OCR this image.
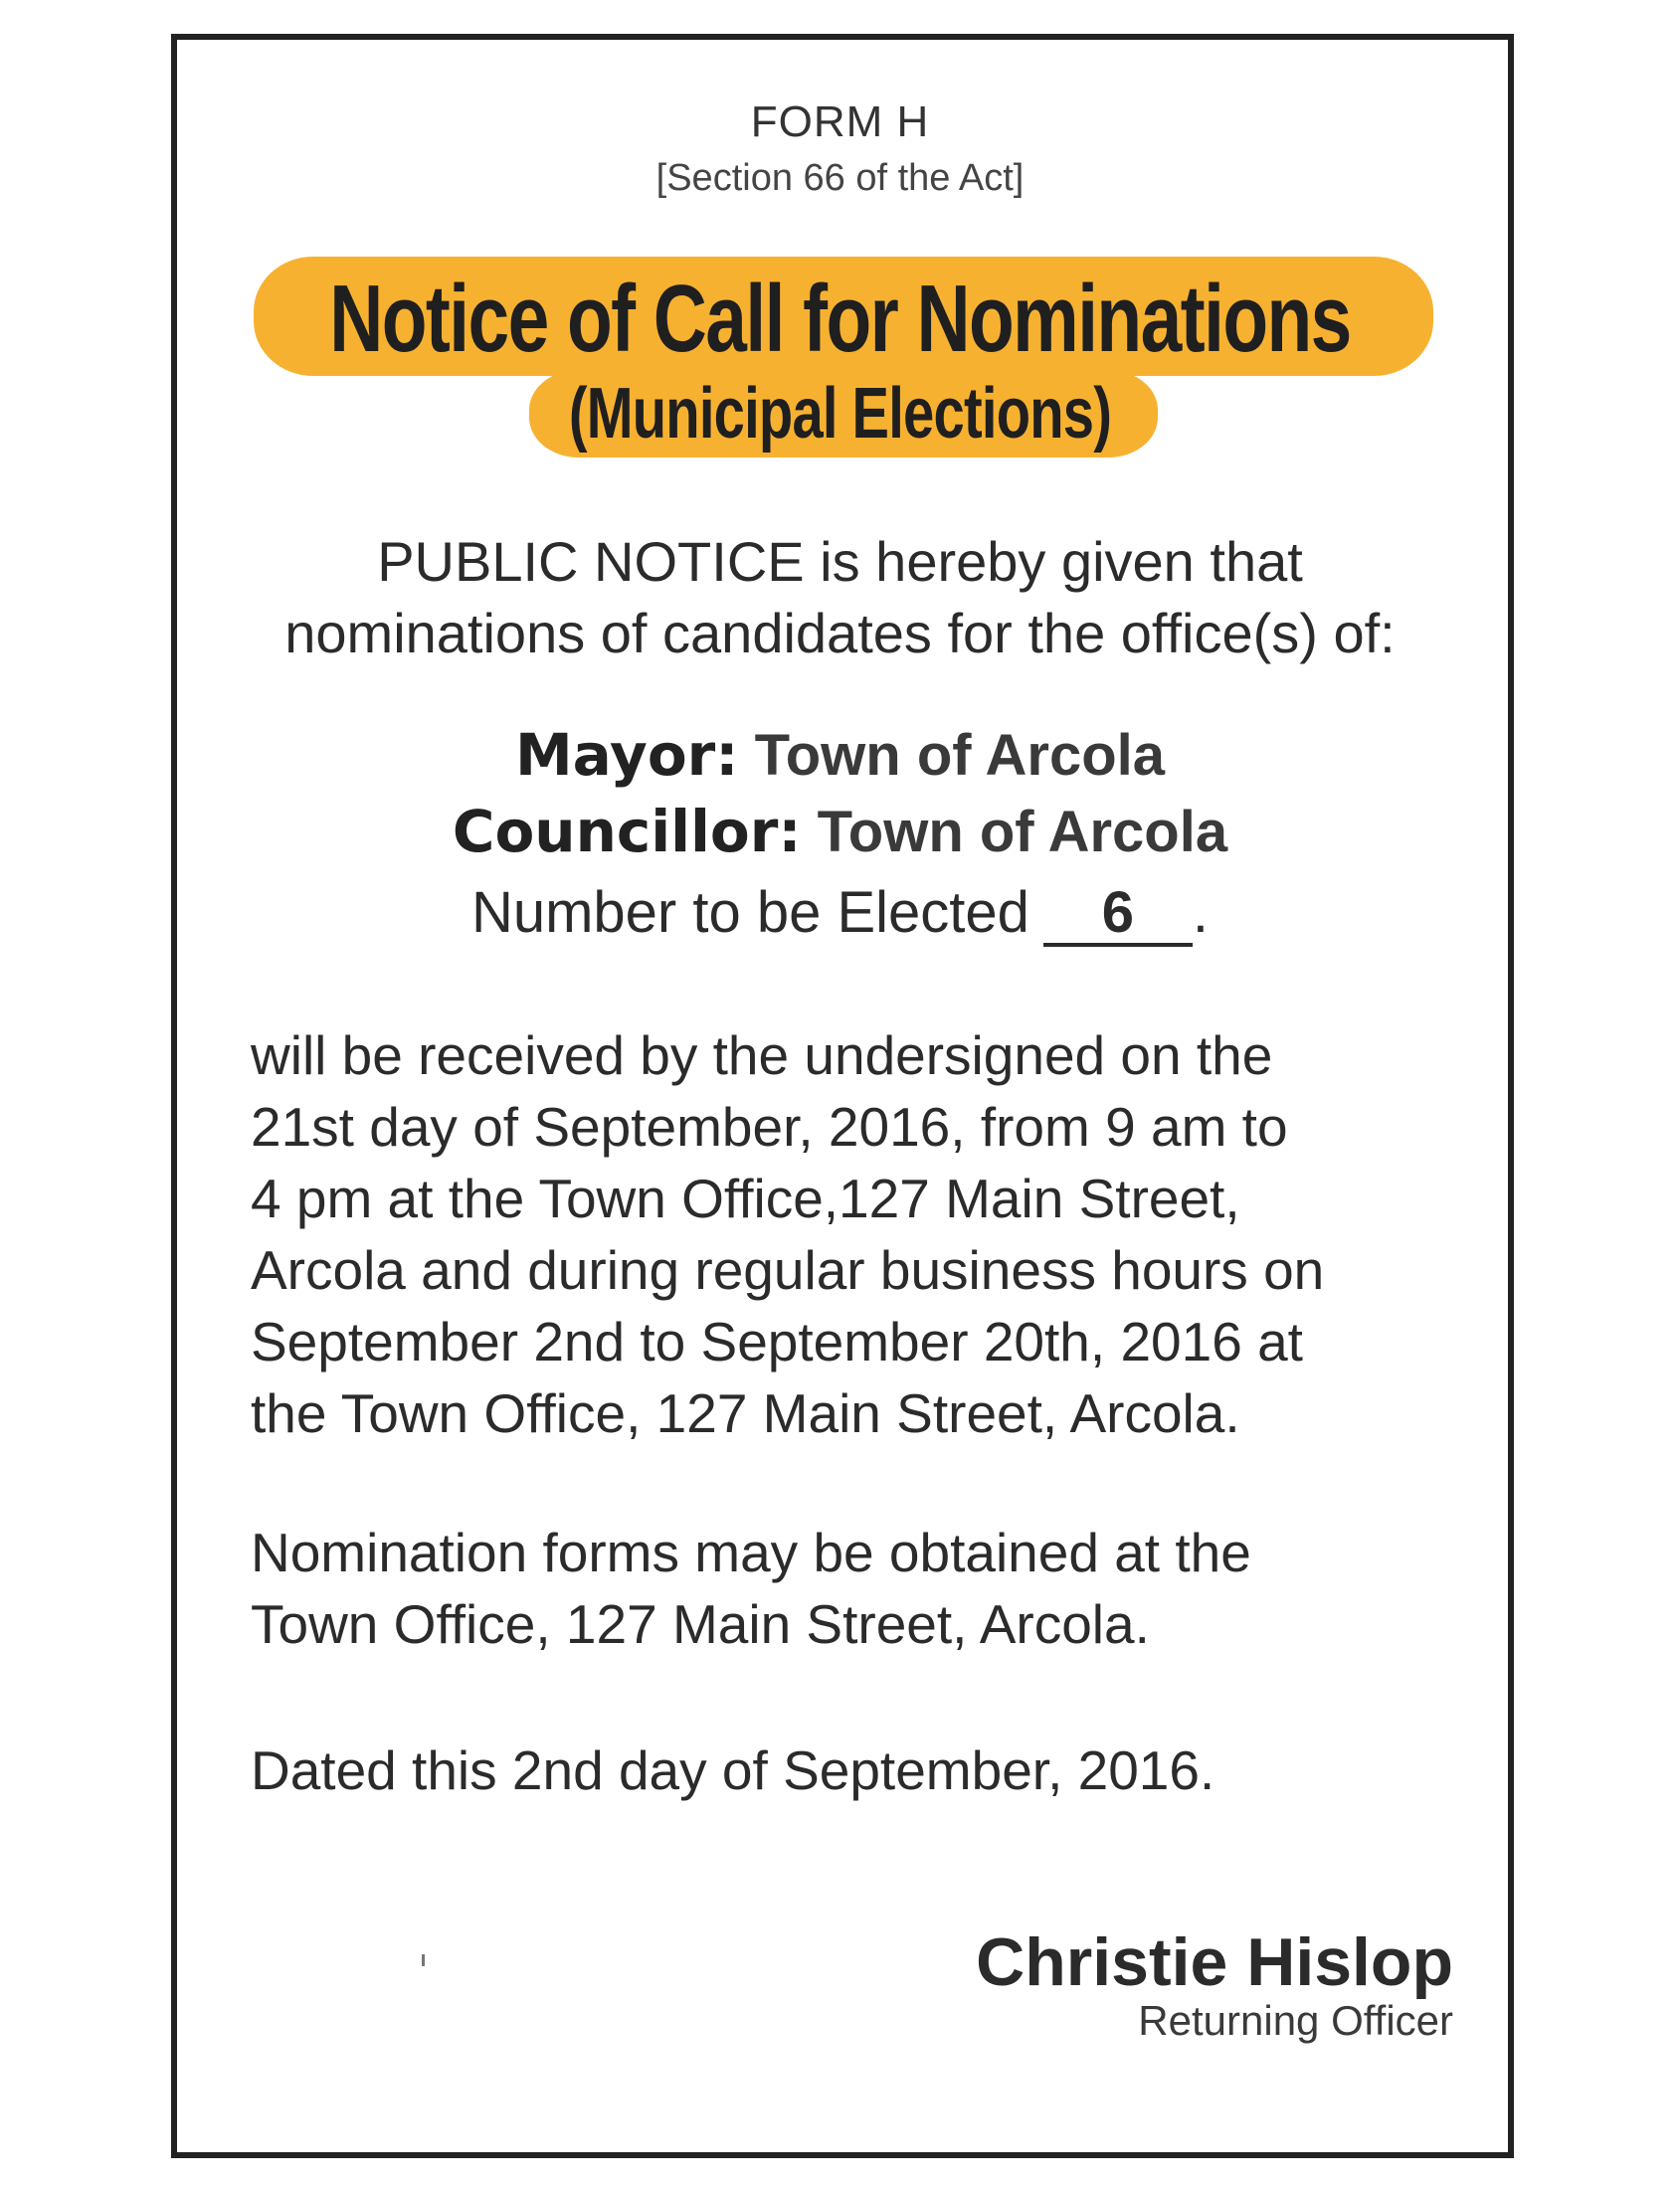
FORM H
[Section 66 of the Act]
Notice of Call for Nominations
(Municipal Elections)
PUBLIC NOTICE is hereby given that
nominations of candidates for the office(s) of:
Mayor: Town of Arcola
Councillor: Town of Arcola
Number to be Elected 6 .
will be received by the undersigned on the
21st day of September, 2016, from 9 am to
4 pm at the Town Office,127 Main Street,
Arcola and during regular business hours on
September 2nd to September 20th, 2016 at
the Town Office, 127 Main Street, Arcola.
Nomination forms may be obtained at the
Town Office, 127 Main Street, Arcola.
Dated this 2nd day of September, 2016.
Christie Hislop
Returning Officer
